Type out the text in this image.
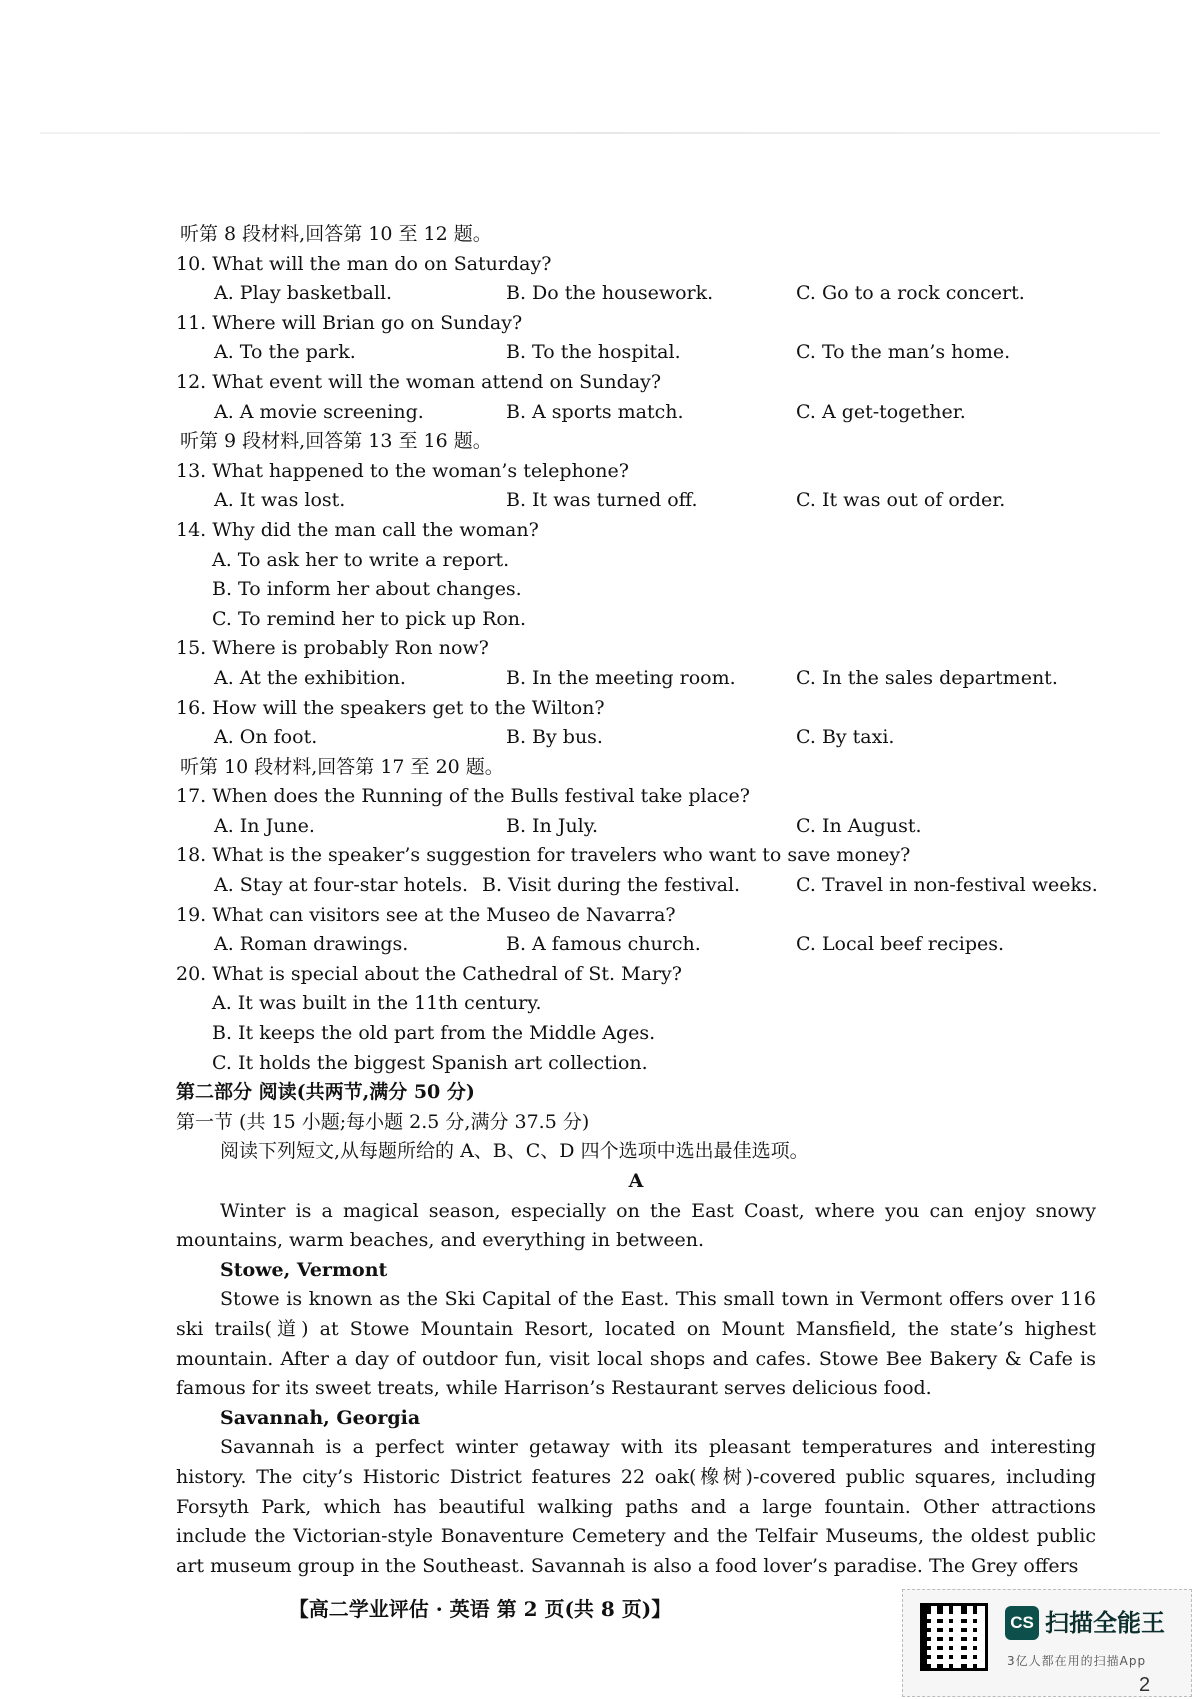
听第 8 段材料,回答第 10 至 12 题。
10. What will the man do on Saturday?
A. Play basketball.	B. Do the housework.	C. Go to a rock concert.
11. Where will Brian go on Sunday?
A. To the park.	B. To the hospital.	C. To the man’s home.
12. What event will the woman attend on Sunday?
A. A movie screening.	B. A sports match.	C. A get-together.
听第 9 段材料,回答第 13 至 16 题。
13. What happened to the woman’s telephone?
A. It was lost.	B. It was turned off.	C. It was out of order.
14. Why did the man call the woman?
A. To ask her to write a report.
B. To inform her about changes.
C. To remind her to pick up Ron.
15. Where is probably Ron now?
A. At the exhibition.	B. In the meeting room.	C. In the sales department.
16. How will the speakers get to the Wilton?
A. On foot.	B. By bus.	C. By taxi.
听第 10 段材料,回答第 17 至 20 题。
17. When does the Running of the Bulls festival take place?
A. In June.	B. In July.	C. In August.
18. What is the speaker’s suggestion for travelers who want to save money?
A. Stay at four-star hotels. B. Visit during the festival.	C. Travel in non-festival weeks.
19. What can visitors see at the Museo de Navarra?
A. Roman drawings.	B. A famous church.	C. Local beef recipes.
20. What is special about the Cathedral of St. Mary?
A. It was built in the 11th century.
B. It keeps the old part from the Middle Ages.
C. It holds the biggest Spanish art collection.
第二部分 阅读(共两节,满分 50 分)
第一节 (共 15 小题;每小题 2.5 分,满分 37.5 分)
阅读下列短文,从每题所给的 A、B、C、D 四个选项中选出最佳选项。
A
Winter is a magical season, especially on the East Coast, where you can enjoy snowy mountains, warm beaches, and everything in between.
Stowe, Vermont
Stowe is known as the Ski Capital of the East. This small town in Vermont offers over 116 ski trails(道) at Stowe Mountain Resort, located on Mount Mansfield, the state’s highest mountain. After a day of outdoor fun, visit local shops and cafes. Stowe Bee Bakery & Cafe is famous for its sweet treats, while Harrison’s Restaurant serves delicious food.
Savannah, Georgia
Savannah is a perfect winter getaway with its pleasant temperatures and interesting history. The city’s Historic District features 22 oak(橡树)-covered public squares, including Forsyth Park, which has beautiful walking paths and a large fountain. Other attractions include the Victorian-style Bonaventure Cemetery and the Telfair Museums, the oldest public art museum group in the Southeast. Savannah is also a food lover’s paradise. The Grey offers
【高二学业评估 · 英语 第 2 页(共 8 页)】
CS 扫描全能王
3亿人都在用的扫描App
2
